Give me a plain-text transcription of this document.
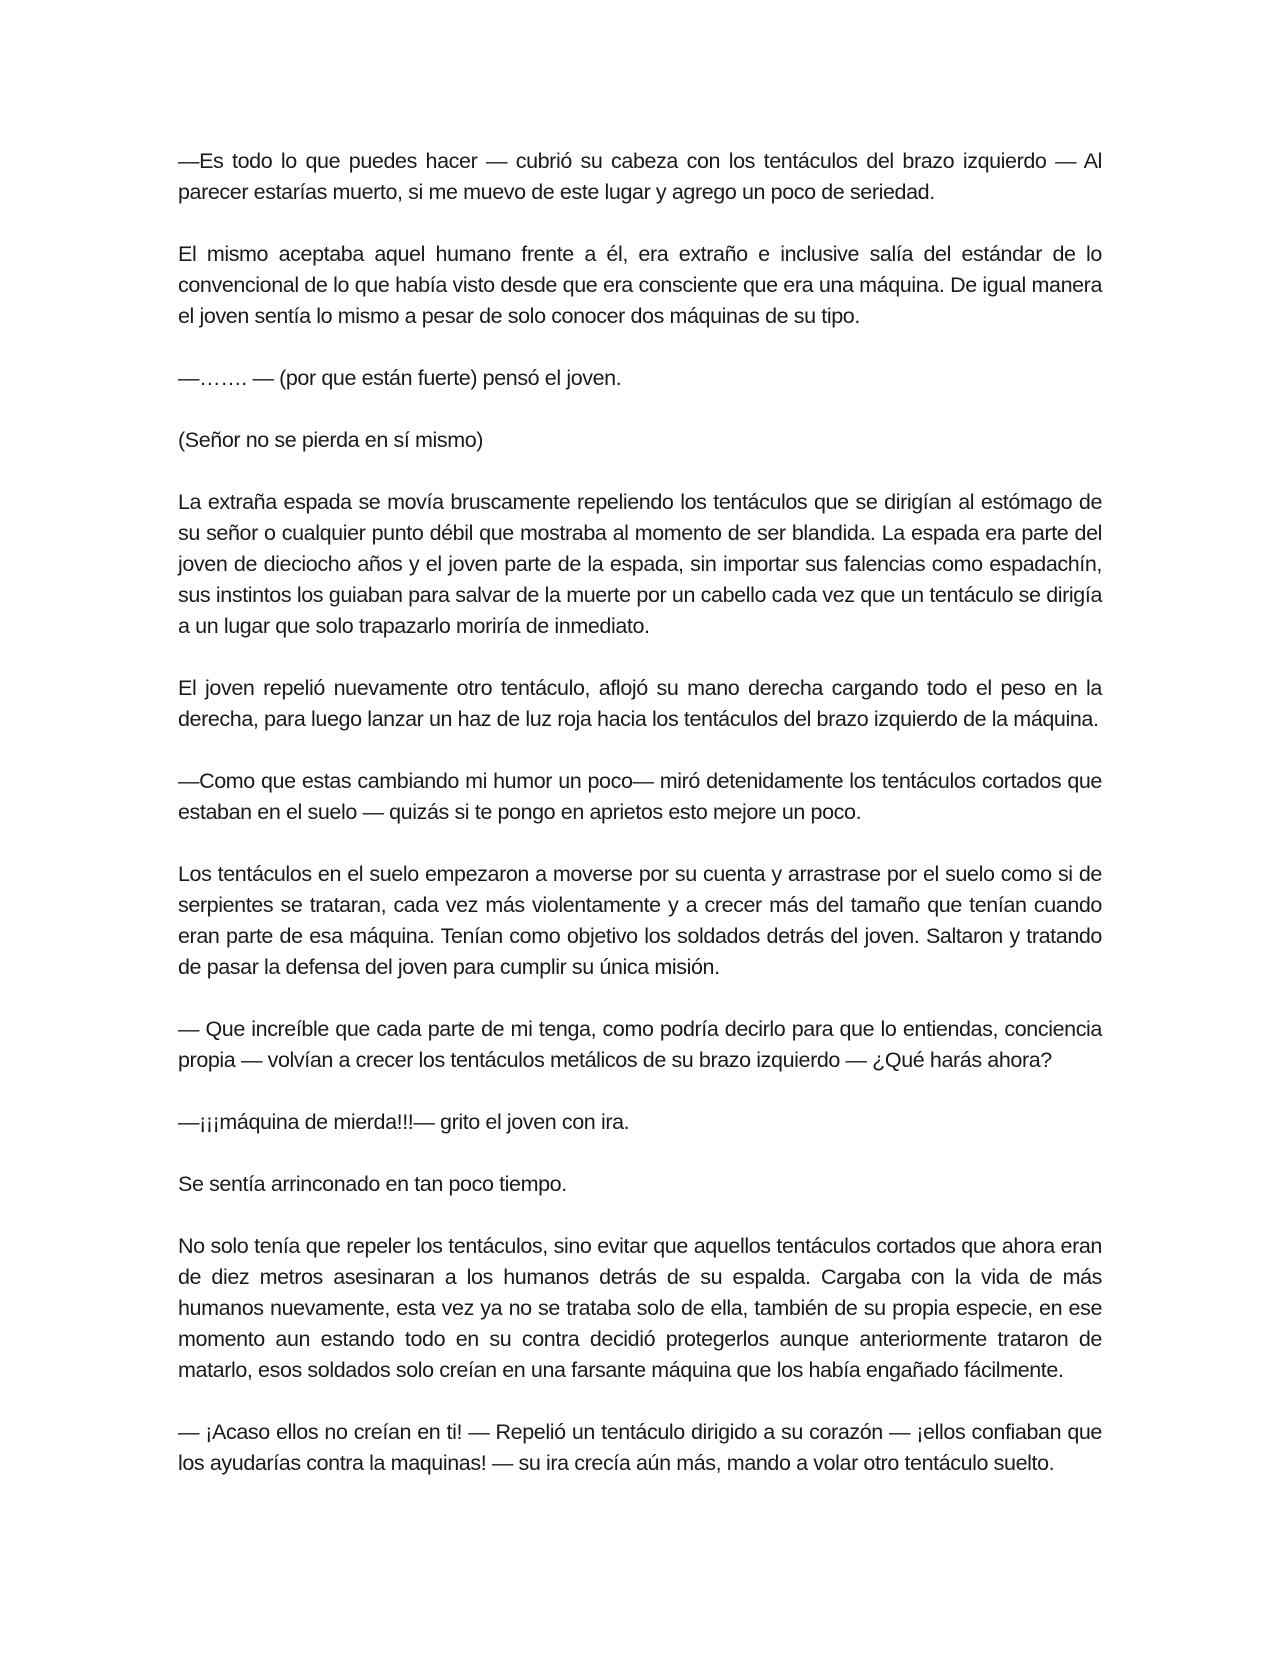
—Es todo lo que puedes hacer — cubrió su cabeza con los tentáculos del brazo izquierdo — Al parecer estarías muerto, si me muevo de este lugar y agrego un poco de seriedad.

El mismo aceptaba aquel humano frente a él, era extraño e inclusive salía del estándar de lo convencional de lo que había visto desde que era consciente que era una máquina. De igual manera el joven sentía lo mismo a pesar de solo conocer dos máquinas de su tipo.

—……. — (por que están fuerte) pensó el joven.

(Señor no se pierda en sí mismo)

La extraña espada se movía bruscamente repeliendo los tentáculos que se dirigían al estómago de su señor o cualquier punto débil que mostraba al momento de ser blandida. La espada era parte del joven de dieciocho años y el joven parte de la espada, sin importar sus falencias como espadachín, sus instintos los guiaban para salvar de la muerte por un cabello cada vez que un tentáculo se dirigía a un lugar que solo trapazarlo moriría de inmediato.

El joven repelió nuevamente otro tentáculo, aflojó su mano derecha cargando todo el peso en la derecha, para luego lanzar un haz de luz roja hacia los tentáculos del brazo izquierdo de la máquina.

—Como que estas cambiando mi humor un poco— miró detenidamente los tentáculos cortados que estaban en el suelo — quizás si te pongo en aprietos esto mejore un poco.

Los tentáculos en el suelo empezaron a moverse por su cuenta y arrastrase por el suelo como si de serpientes se trataran, cada vez más violentamente y a crecer más del tamaño que tenían cuando eran parte de esa máquina. Tenían como objetivo los soldados detrás del joven. Saltaron y tratando de pasar la defensa del joven para cumplir su única misión.

— Que increíble que cada parte de mi tenga, como podría decirlo para que lo entiendas, conciencia propia — volvían a crecer los tentáculos metálicos de su brazo izquierdo — ¿Qué harás ahora?

—¡¡¡máquina de mierda!!!— grito el joven con ira.

Se sentía arrinconado en tan poco tiempo.

No solo tenía que repeler los tentáculos, sino evitar que aquellos tentáculos cortados que ahora eran de diez metros asesinaran a los humanos detrás de su espalda. Cargaba con la vida de más humanos nuevamente, esta vez ya no se trataba solo de ella, también de su propia especie, en ese momento aun estando todo en su contra decidió protegerlos aunque anteriormente trataron de matarlo, esos soldados solo creían en una farsante máquina que los había engañado fácilmente.

— ¡Acaso ellos no creían en ti! — Repelió un tentáculo dirigido a su corazón — ¡ellos confiaban que los ayudarías contra la maquinas! — su ira crecía aún más, mando a volar otro tentáculo suelto.
